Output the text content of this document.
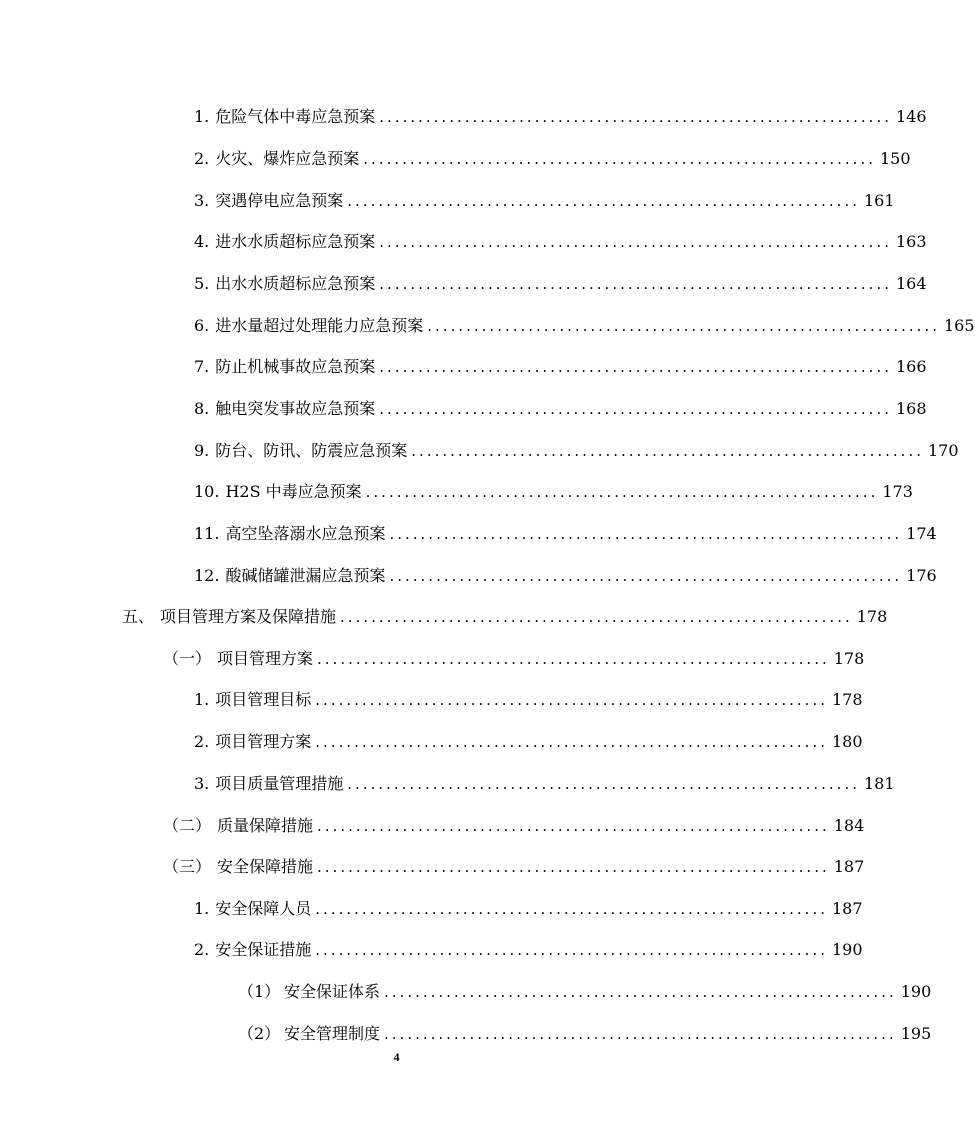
1. 危险气体中毒应急预案 .................................................................. 146
2. 火灾、爆炸应急预案 .................................................................. 150
3. 突遇停电应急预案 .................................................................. 161
4. 进水水质超标应急预案 .................................................................. 163
5. 出水水质超标应急预案 .................................................................. 164
6. 进水量超过处理能力应急预案 .................................................................. 165
7. 防止机械事故应急预案 .................................................................. 166
8. 触电突发事故应急预案 .................................................................. 168
9. 防台、防讯、防震应急预案 .................................................................. 170
10. H2S 中毒应急预案 .................................................................. 173
11. 高空坠落溺水应急预案 .................................................................. 174
12. 酸碱储罐泄漏应急预案 .................................................................. 176
五、 项目管理方案及保障措施 .................................................................. 178
（一） 项目管理方案 .................................................................. 178
1. 项目管理目标 .................................................................. 178
2. 项目管理方案 .................................................................. 180
3. 项目质量管理措施 .................................................................. 181
（二） 质量保障措施 .................................................................. 184
（三） 安全保障措施 .................................................................. 187
1. 安全保障人员 .................................................................. 187
2. 安全保证措施 .................................................................. 190
（1） 安全保证体系 .................................................................. 190
（2） 安全管理制度 .................................................................. 195
4
